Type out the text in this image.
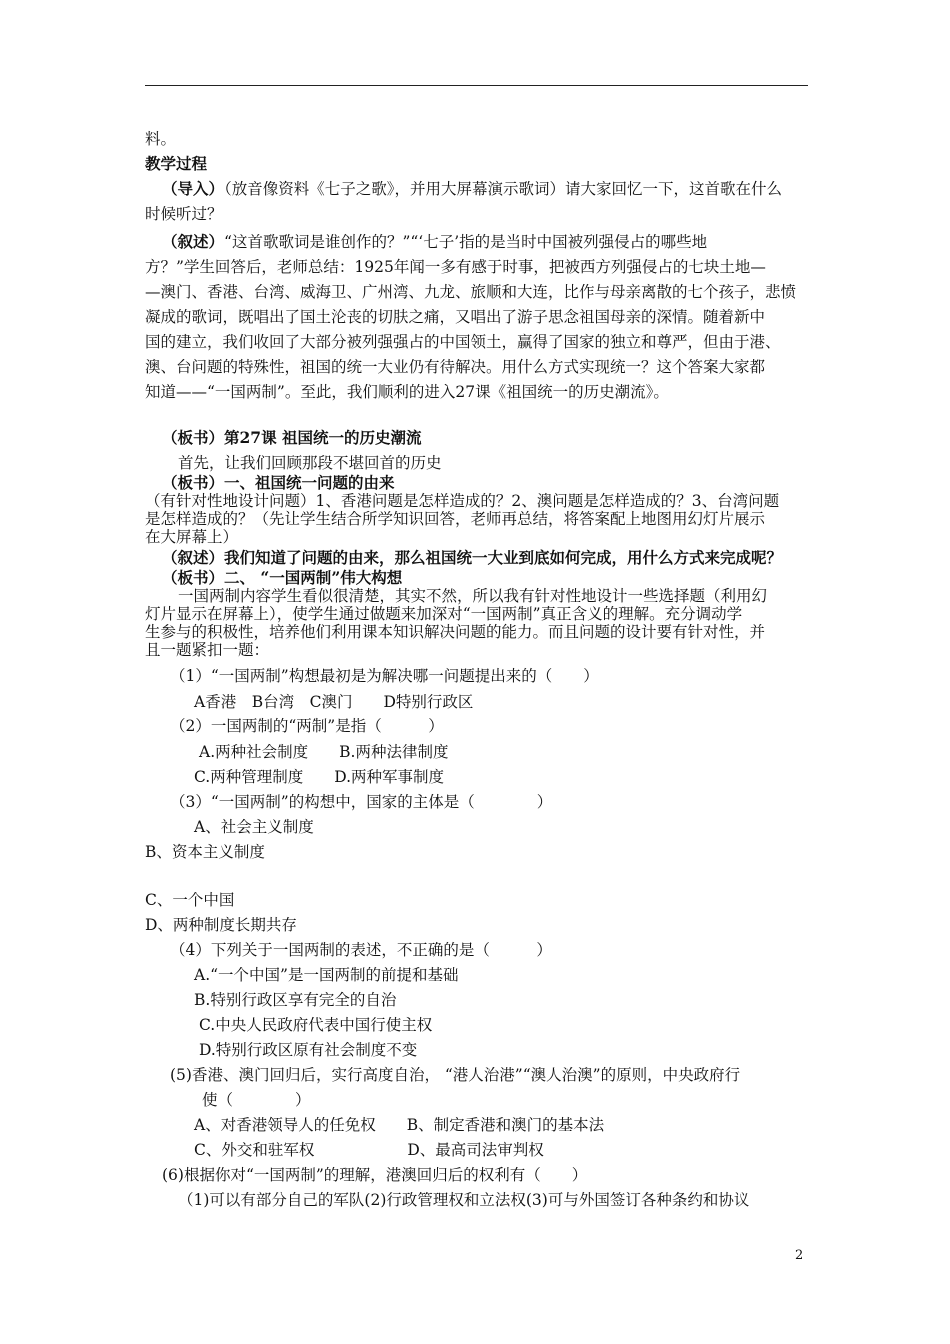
料。
教学过程
（导入）（放音像资料《七子之歌》，并用大屏幕演示歌词）请大家回忆一下，这首歌在什么
时候听过？
（叙述）“这首歌歌词是谁创作的？”“‘七子’指的是当时中国被列强侵占的哪些地
方？”学生回答后，老师总结：1925年闻一多有感于时事，把被西方列强侵占的七块土地—
—澳门、香港、台湾、威海卫、广州湾、九龙、旅顺和大连，比作与母亲离散的七个孩子，悲愤
凝成的歌词，既唱出了国土沦丧的切肤之痛，又唱出了游子思念祖国母亲的深情。随着新中
国的建立，我们收回了大部分被列强强占的中国领土，赢得了国家的独立和尊严，但由于港、
澳、台问题的特殊性，祖国的统一大业仍有待解决。用什么方式实现统一？这个答案大家都
知道——“一国两制”。至此，我们顺利的进入27课《祖国统一的历史潮流》。
（板书）第27课 祖国统一的历史潮流
首先，让我们回顾那段不堪回首的历史
（板书）一、祖国统一问题的由来
（有针对性地设计问题）1、香港问题是怎样造成的？2、澳问题是怎样造成的？3、台湾问题
是怎样造成的？（先让学生结合所学知识回答，老师再总结，将答案配上地图用幻灯片展示
在大屏幕上）
（叙述）我们知道了问题的由来，那么祖国统一大业到底如何完成，用什么方式来完成呢？
（板书）二、 “一国两制”伟大构想
一国两制内容学生看似很清楚，其实不然，所以我有针对性地设计一些选择题（利用幻
灯片显示在屏幕上），使学生通过做题来加深对“一国两制”真正含义的理解。充分调动学
生参与的积极性，培养他们利用课本知识解决问题的能力。而且问题的设计要有针对性，并
且一题紧扣一题：
（1）“一国两制”构想最初是为解决哪一问题提出来的（　　）
A香港　B台湾　C澳门　　D特别行政区
（2）一国两制的“两制”是指（　　　）
A.两种社会制度　　B.两种法律制度
C.两种管理制度　　D.两种军事制度
（3）“一国两制”的构想中，国家的主体是（　　　　）
A、社会主义制度
B、资本主义制度
C、一个中国
D、两种制度长期共存
（4）下列关于一国两制的表述，不正确的是（　　　）
A.“一个中国”是一国两制的前提和基础
B.特别行政区享有完全的自治
C.中央人民政府代表中国行使主权
D.特别行政区原有社会制度不变
(5)香港、澳门回归后，实行高度自治， “港人治港”“澳人治澳”的原则，中央政府行
使（　　　　）
A、对香港领导人的任免权　　B、制定香港和澳门的基本法
C、外交和驻军权　　　　　　D、最高司法审判权
(6)根据你对“一国两制”的理解，港澳回归后的权利有（　　）
（1)可以有部分自己的军队(2)行政管理权和立法权(3)可与外国签订各种条约和协议
2
